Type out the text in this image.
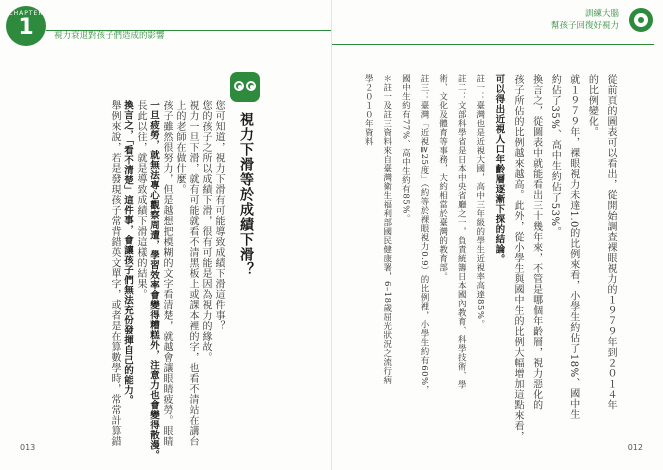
CHAPTER
1	視力衰退對孩子們造成的影響
視力下滑等於成績下滑？
您可知道，視力下滑有可能導致成績下滑這件事？
您的孩子之所以成績下滑，很有可能是因為視力的緣故。
視力一旦下滑，就有可能就看不清黑板上或課本裡的字，也看不清站在講台
上的老師在做什麼。
孩子雖然很努力，但是越想把模糊的文字看清楚，就越會讓眼睛疲勞。眼睛
一旦疲勞，就無法專心觀察周遭，學習效率會變得糟糕外，注意力也會變得散漫。
長此以往，就是導致成績下滑這樣的結果。
換言之，「看不清楚」這件事，會讓孩子們無法充份發揮自己的能力。
舉例來說，若是發現孩子常背錯英文單字，或者是在算數學時，常常計算錯
013
訓練大腦
幫孩子回復好視力
從前頁的圖表可以看出，從開始調查裸眼視力的１９７９年到２０１４年
的比例變化。
就１９７９年，裸眼視力未達1.0的比例來看，小學生約佔了18%、國中生
約佔了35%、高中生約佔了53%。
換言之，從圖表中就能看出三十幾年來，不管是哪個年齡層，視力惡化的
孩子所佔的比例越來越高。此外，從小學生與國中生的比例大幅增加這點來看，
可以得出近視人口年齡層逐漸下探的結論。
註一：臺灣也是近視大國，高中三年級的學生近視率高達85%。
註二：文部科學省是日本中央省廳之一，負責統籌日本國內教育、科學技術、學
術、文化及體育等事務，大約相當於臺灣的教育部。
註三：臺灣「近視≧25度」（約等於裸眼視力0.9）的比例裡，小學生約有60%，
國中生約有77%、高中生約有85%。
＊註一及註三資料來自臺灣衛生福利部國民健康署，6–18歲屈光狀況之流行病
學２０１０年資料
012
